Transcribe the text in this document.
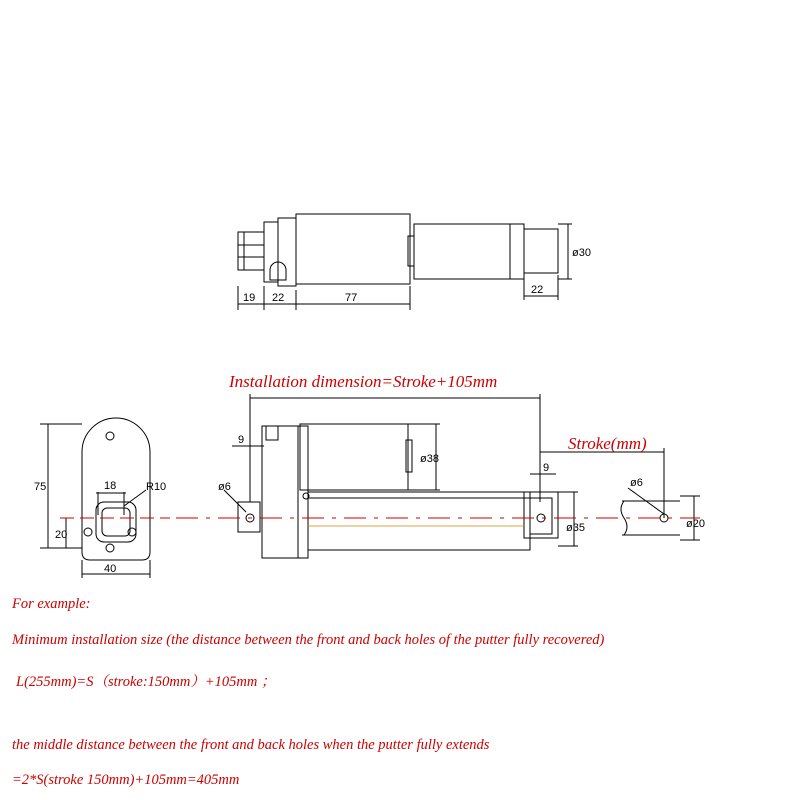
19 22	77
22
ø30
75	18	R10
20
40
Installation dimension=Stroke+105mm
Stroke(mm)
9
ø6
ø38
9
ø35
ø6
ø20
For example:
Minimum installation size (the distance between the front and back holes of the putter fully recovered)
L(255mm)=S（stroke:150mm）+105mm ；
the middle distance between the front and back holes when the putter fully extends
=2*S(stroke 150mm)+105mm=405mm
